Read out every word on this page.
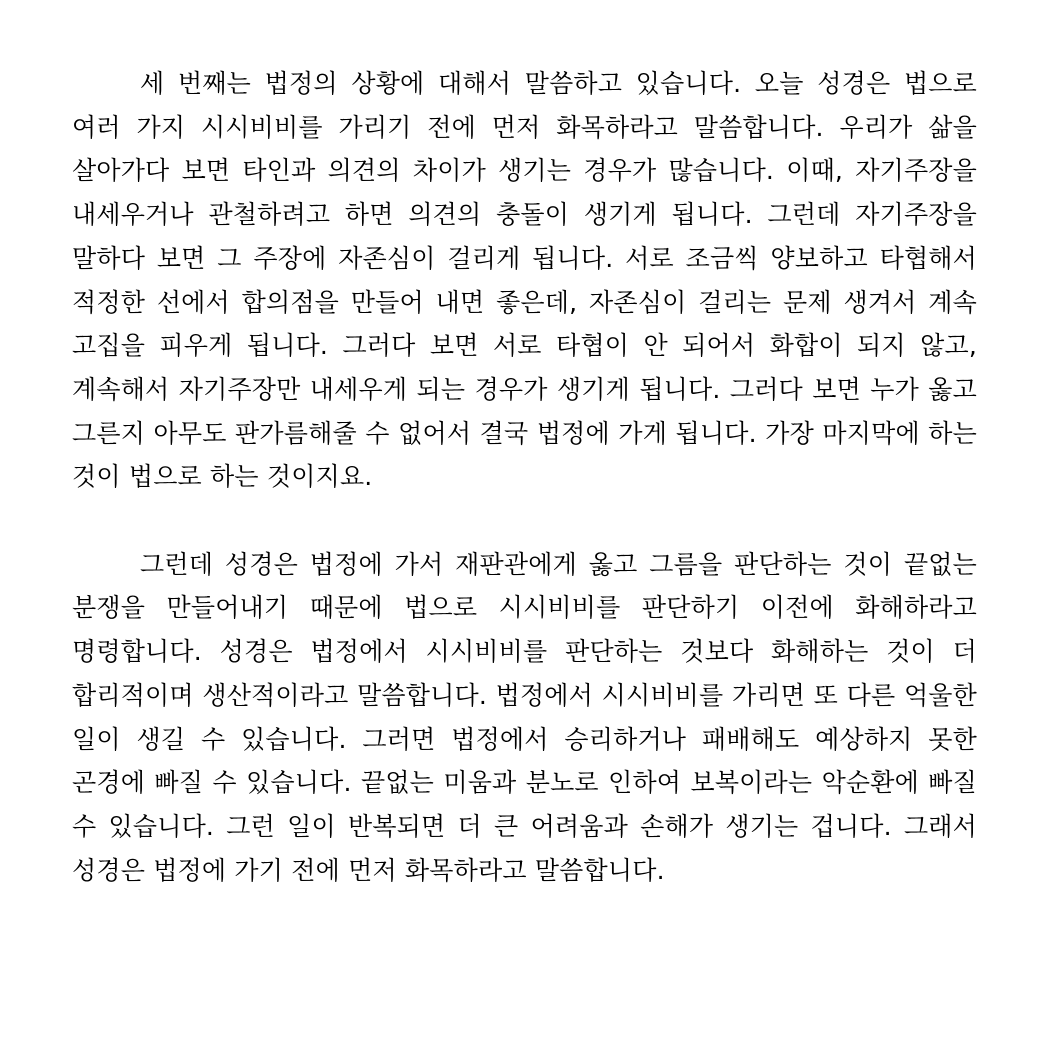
세 번째는 법정의 상황에 대해서 말씀하고 있습니다. 오늘 성경은 법으로 여러 가지 시시비비를 가리기 전에 먼저 화목하라고 말씀합니다. 우리가 삶을 살아가다 보면 타인과 의견의 차이가 생기는 경우가 많습니다. 이때, 자기주장을 내세우거나 관철하려고 하면 의견의 충돌이 생기게 됩니다. 그런데 자기주장을 말하다 보면 그 주장에 자존심이 걸리게 됩니다. 서로 조금씩 양보하고 타협해서 적정한 선에서 합의점을 만들어 내면 좋은데, 자존심이 걸리는 문제 생겨서 계속 고집을 피우게 됩니다. 그러다 보면 서로 타협이 안 되어서 화합이 되지 않고, 계속해서 자기주장만 내세우게 되는 경우가 생기게 됩니다. 그러다 보면 누가 옳고 그른지 아무도 판가름해줄 수 없어서 결국 법정에 가게 됩니다. 가장 마지막에 하는 것이 법으로 하는 것이지요.

그런데 성경은 법정에 가서 재판관에게 옳고 그름을 판단하는 것이 끝없는 분쟁을 만들어내기 때문에 법으로 시시비비를 판단하기 이전에 화해하라고 명령합니다. 성경은 법정에서 시시비비를 판단하는 것보다 화해하는 것이 더 합리적이며 생산적이라고 말씀합니다. 법정에서 시시비비를 가리면 또 다른 억울한 일이 생길 수 있습니다. 그러면 법정에서 승리하거나 패배해도 예상하지 못한 곤경에 빠질 수 있습니다. 끝없는 미움과 분노로 인하여 보복이라는 악순환에 빠질 수 있습니다. 그런 일이 반복되면 더 큰 어려움과 손해가 생기는 겁니다. 그래서 성경은 법정에 가기 전에 먼저 화목하라고 말씀합니다.
